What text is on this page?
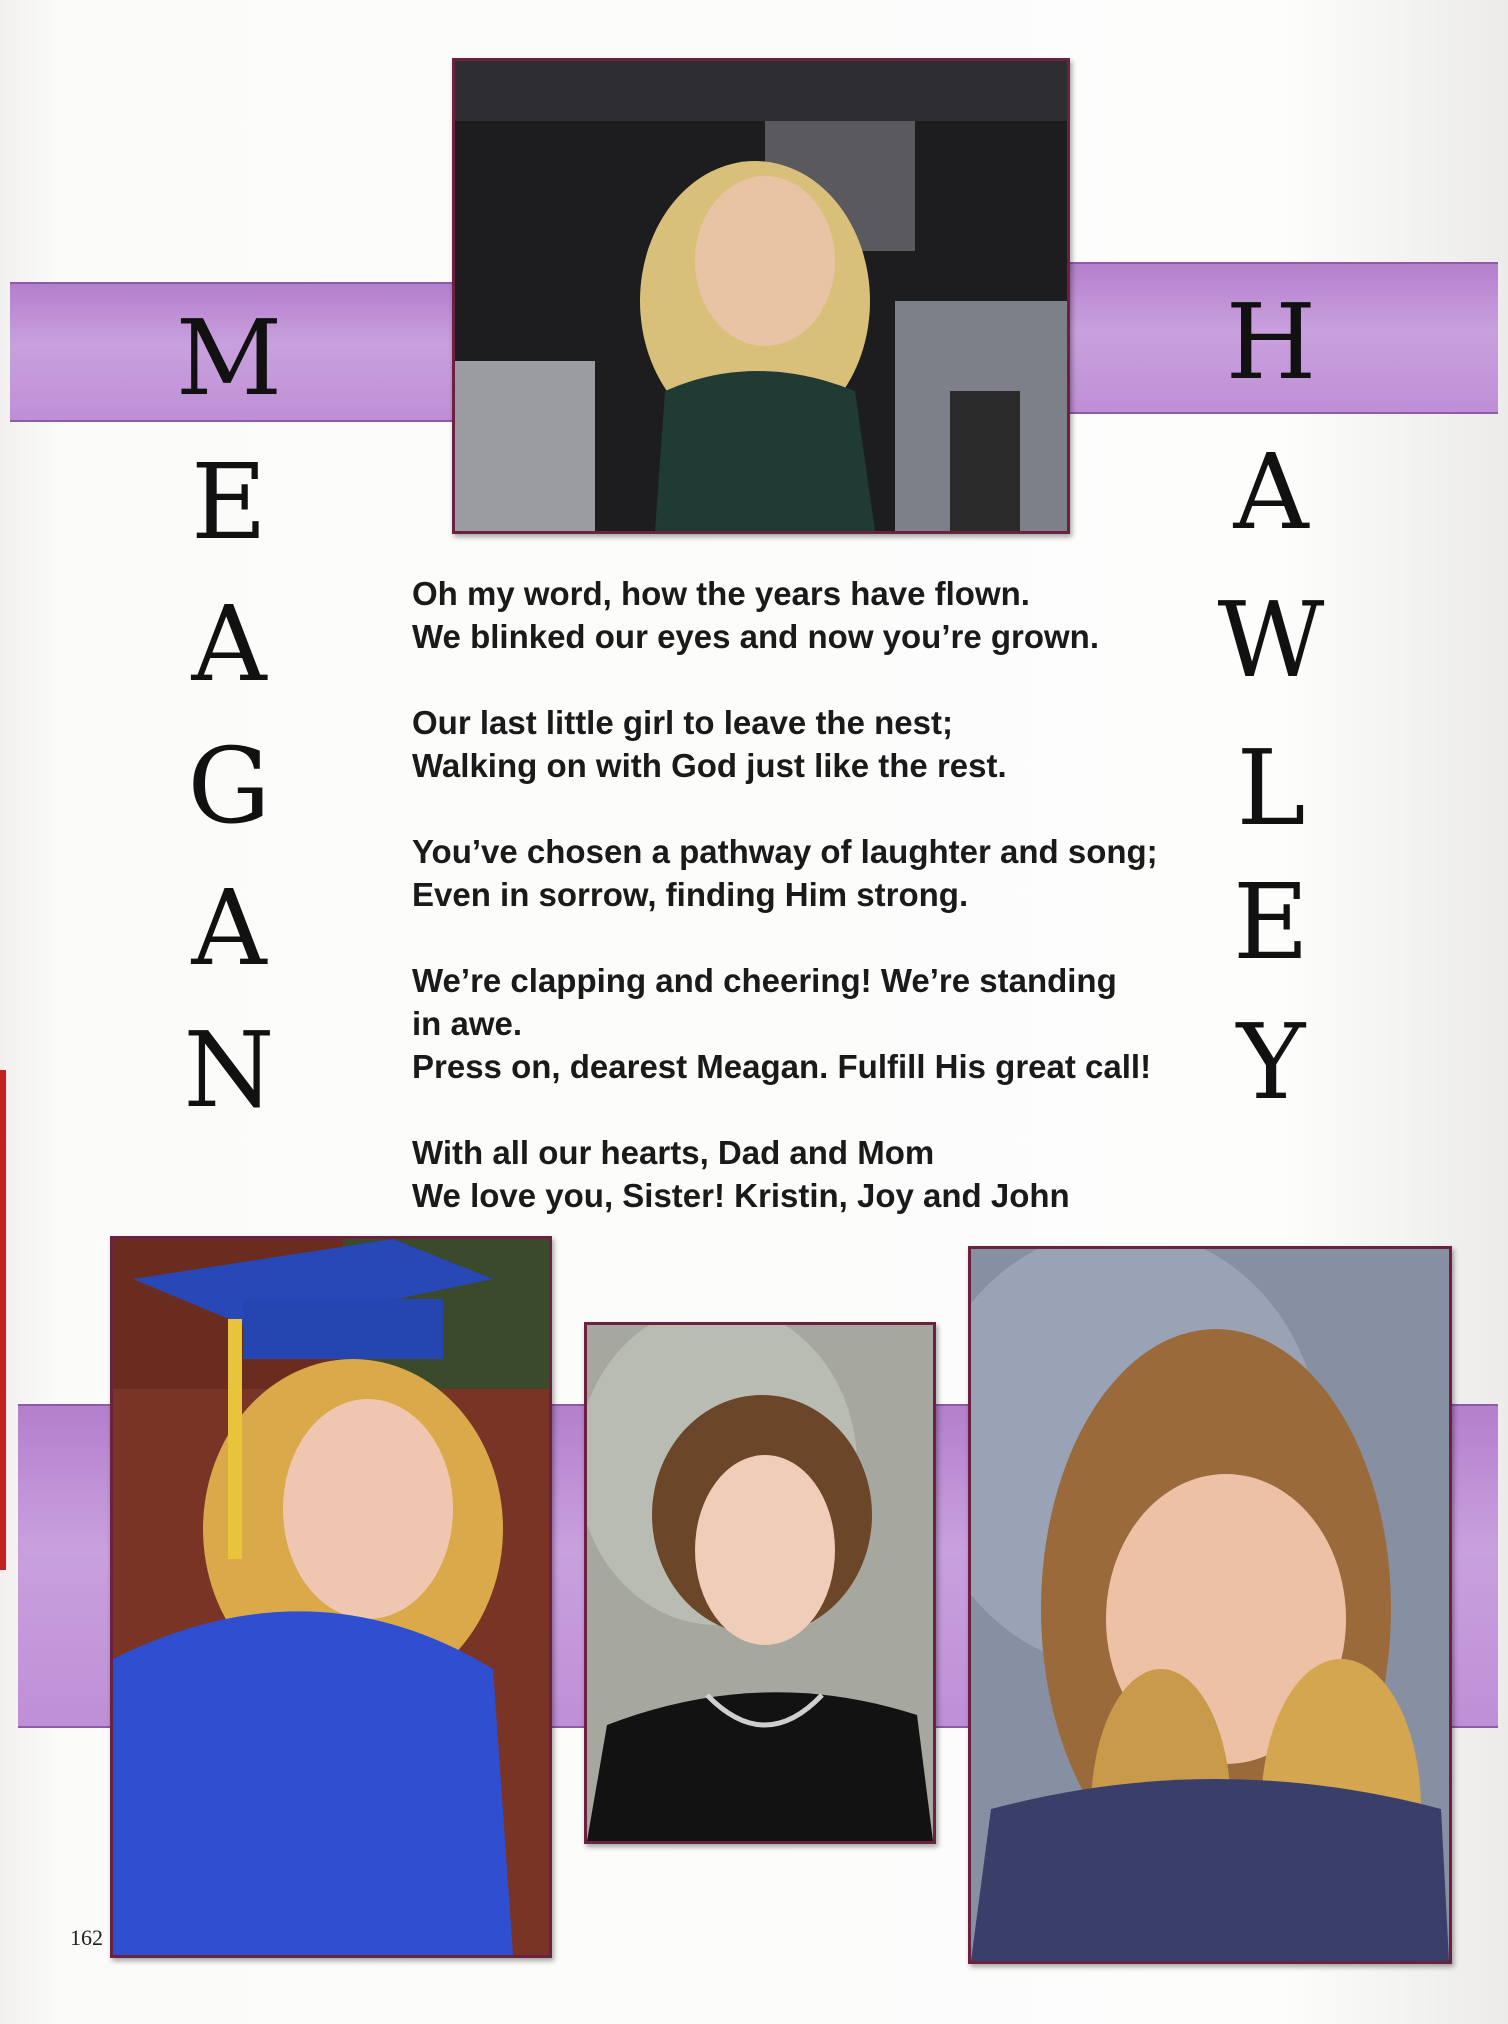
M
E
A
G
A
N
H
A
W
L
E
Y

Oh my word, how the years have flown.
We blinked our eyes and now you’re grown.

Our last little girl to leave the nest;
Walking on with God just like the rest.

You’ve chosen a pathway of laughter and song;
Even in sorrow, finding Him strong.

We’re clapping and cheering! We’re standing
in awe.
Press on, dearest Meagan. Fulfill His great call!

With all our hearts, Dad and Mom
We love you, Sister! Kristin, Joy and John

162
